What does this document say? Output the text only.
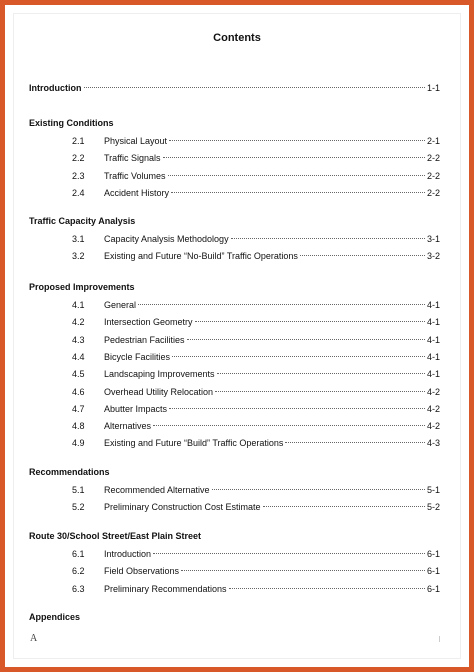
Contents
Introduction	1-1
Existing Conditions
2.1	Physical Layout	2-1
2.2	Traffic Signals	2-2
2.3	Traffic Volumes	2-2
2.4	Accident History	2-2
Traffic Capacity Analysis
3.1	Capacity Analysis Methodology	3-1
3.2	Existing and Future “No-Build” Traffic Operations	3-2
Proposed Improvements
4.1	General	4-1
4.2	Intersection Geometry	4-1
4.3	Pedestrian Facilities	4-1
4.4	Bicycle Facilities	4-1
4.5	Landscaping Improvements	4-1
4.6	Overhead Utility Relocation	4-2
4.7	Abutter Impacts	4-2
4.8	Alternatives	4-2
4.9	Existing and Future “Build” Traffic Operations	4-3
Recommendations
5.1	Recommended Alternative	5-1
5.2	Preliminary Construction Cost Estimate	5-2
Route 30/School Street/East Plain Street
6.1	Introduction	6-1
6.2	Field Observations	6-1
6.3	Preliminary Recommendations	6-1
Appendices
A
